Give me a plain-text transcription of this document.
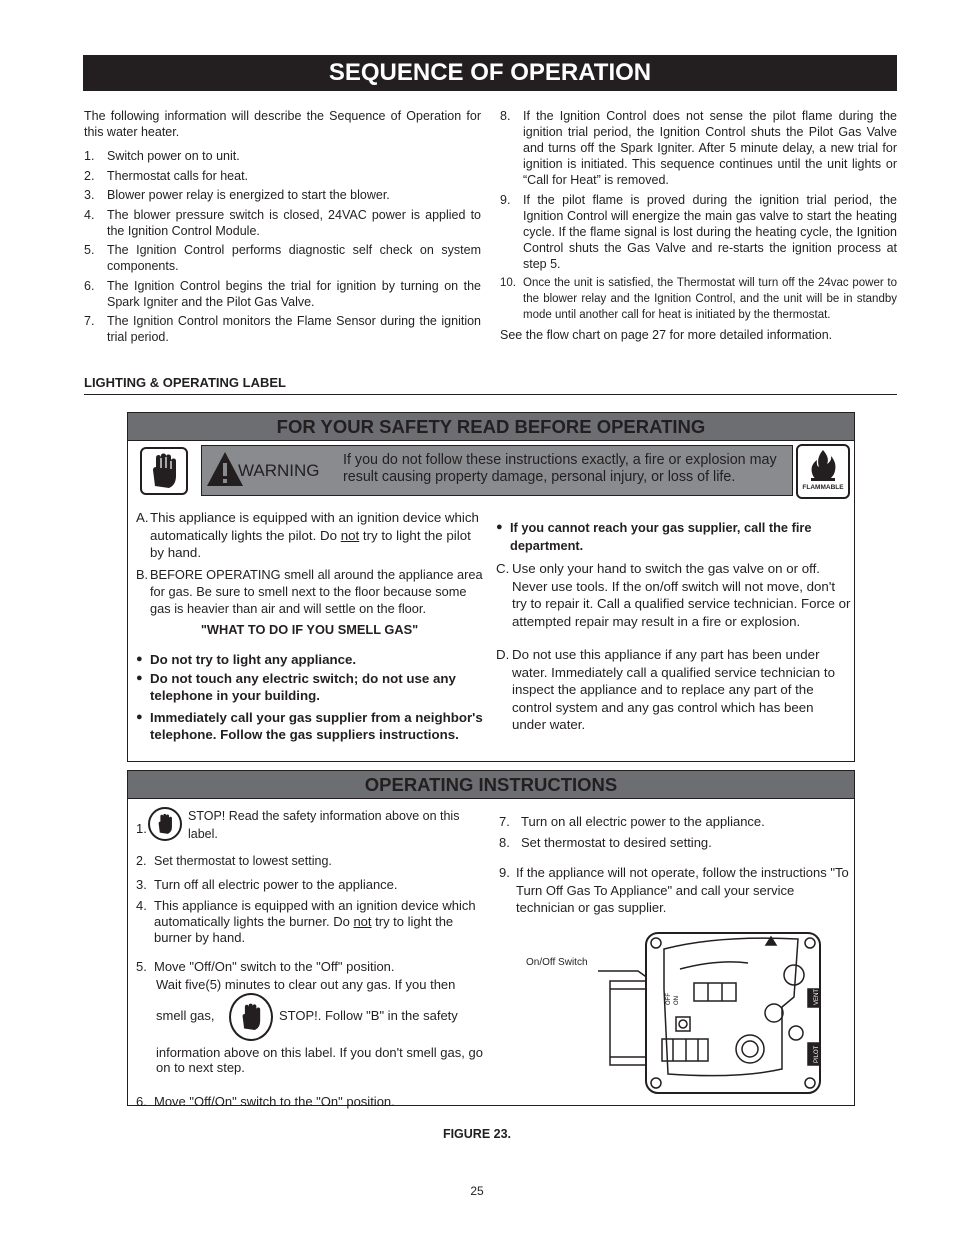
SEQUENCE OF OPERATION

The following information will describe the Sequence of Operation for this water heater.

1. Switch power on to unit.
2. Thermostat calls for heat.
3. Blower power relay is energized to start the blower.
4. The blower pressure switch is closed, 24VAC power is applied to the Ignition Control Module.
5. The Ignition Control performs diagnostic self check on system components.
6. The Ignition Control begins the trial for ignition by turning on the Spark Igniter and the Pilot Gas Valve.
7. The Ignition Control monitors the Flame Sensor during the ignition trial period.
8. If the Ignition Control does not sense the pilot flame during the ignition trial period, the Ignition Control shuts the Pilot Gas Valve and turns off the Spark Igniter. After 5 minute delay, a new trial for ignition is initiated. This sequence continues until the unit lights or “Call for Heat” is removed.
9. If the pilot flame is proved during the ignition trial period, the Ignition Control will energize the main gas valve to start the heating cycle. If the flame signal is lost during the heating cycle, the Ignition Control shuts the Gas Valve and re-starts the ignition process at step 5.
10. Once the unit is satisfied, the Thermostat will turn off the 24vac power to the blower relay and the Ignition Control, and the unit will be in standby mode until another call for heat is initiated by the thermostat.
See the flow chart on page 27 for more detailed information.
LIGHTING & OPERATING LABEL
FOR YOUR SAFETY READ BEFORE OPERATING
WARNING
If you do not follow these instructions exactly, a fire or explosion may result causing property damage, personal injury, or loss of life.
FLAMMABLE
A. This appliance is equipped with an ignition device which automatically lights the pilot. Do not try to light the pilot by hand.
B. BEFORE OPERATING smell all around the appliance area for gas. Be sure to smell next to the floor because some gas is heavier than air and will settle on the floor.
"WHAT TO DO IF YOU SMELL GAS"
● Do not try to light any appliance.
● Do not touch any electric switch; do not use any telephone in your building.
● Immediately call your gas supplier from a neighbor's telephone. Follow the gas suppliers instructions.
● If you cannot reach your gas supplier, call the fire department.
C. Use only your hand to switch the gas valve on or off. Never use tools. If the on/off switch will not move, don't try to repair it. Call a qualified service technician. Force or attempted repair may result in a fire or explosion.
D. Do not use this appliance if any part has been under water. Immediately call a qualified service technician to inspect the appliance and to replace any part of the control system and any gas control which has been under water.
OPERATING INSTRUCTIONS
1.
STOP! Read the safety information above on this label.
2. Set thermostat to lowest setting.
3. Turn off all electric power to the appliance.
4. This appliance is equipped with an ignition device which automatically lights the burner. Do not try to light the burner by hand.
5. Move "Off/On" switch to the "Off" position.
Wait five(5) minutes to clear out any gas. If you then
smell gas,	STOP!. Follow "B" in the safety
information above on this label. If you don't smell gas, go on to next step.
6. Move "Off/On" switch to the "On" position.
7. Turn on all electric power to the appliance.
8. Set thermostat to desired setting.
9. If the appliance will not operate, follow the instructions "To Turn Off Gas To Appliance" and call your service technician or gas supplier.
On/Off Switch
OFF ON	VENT
PILOT
FIGURE 23.
25
